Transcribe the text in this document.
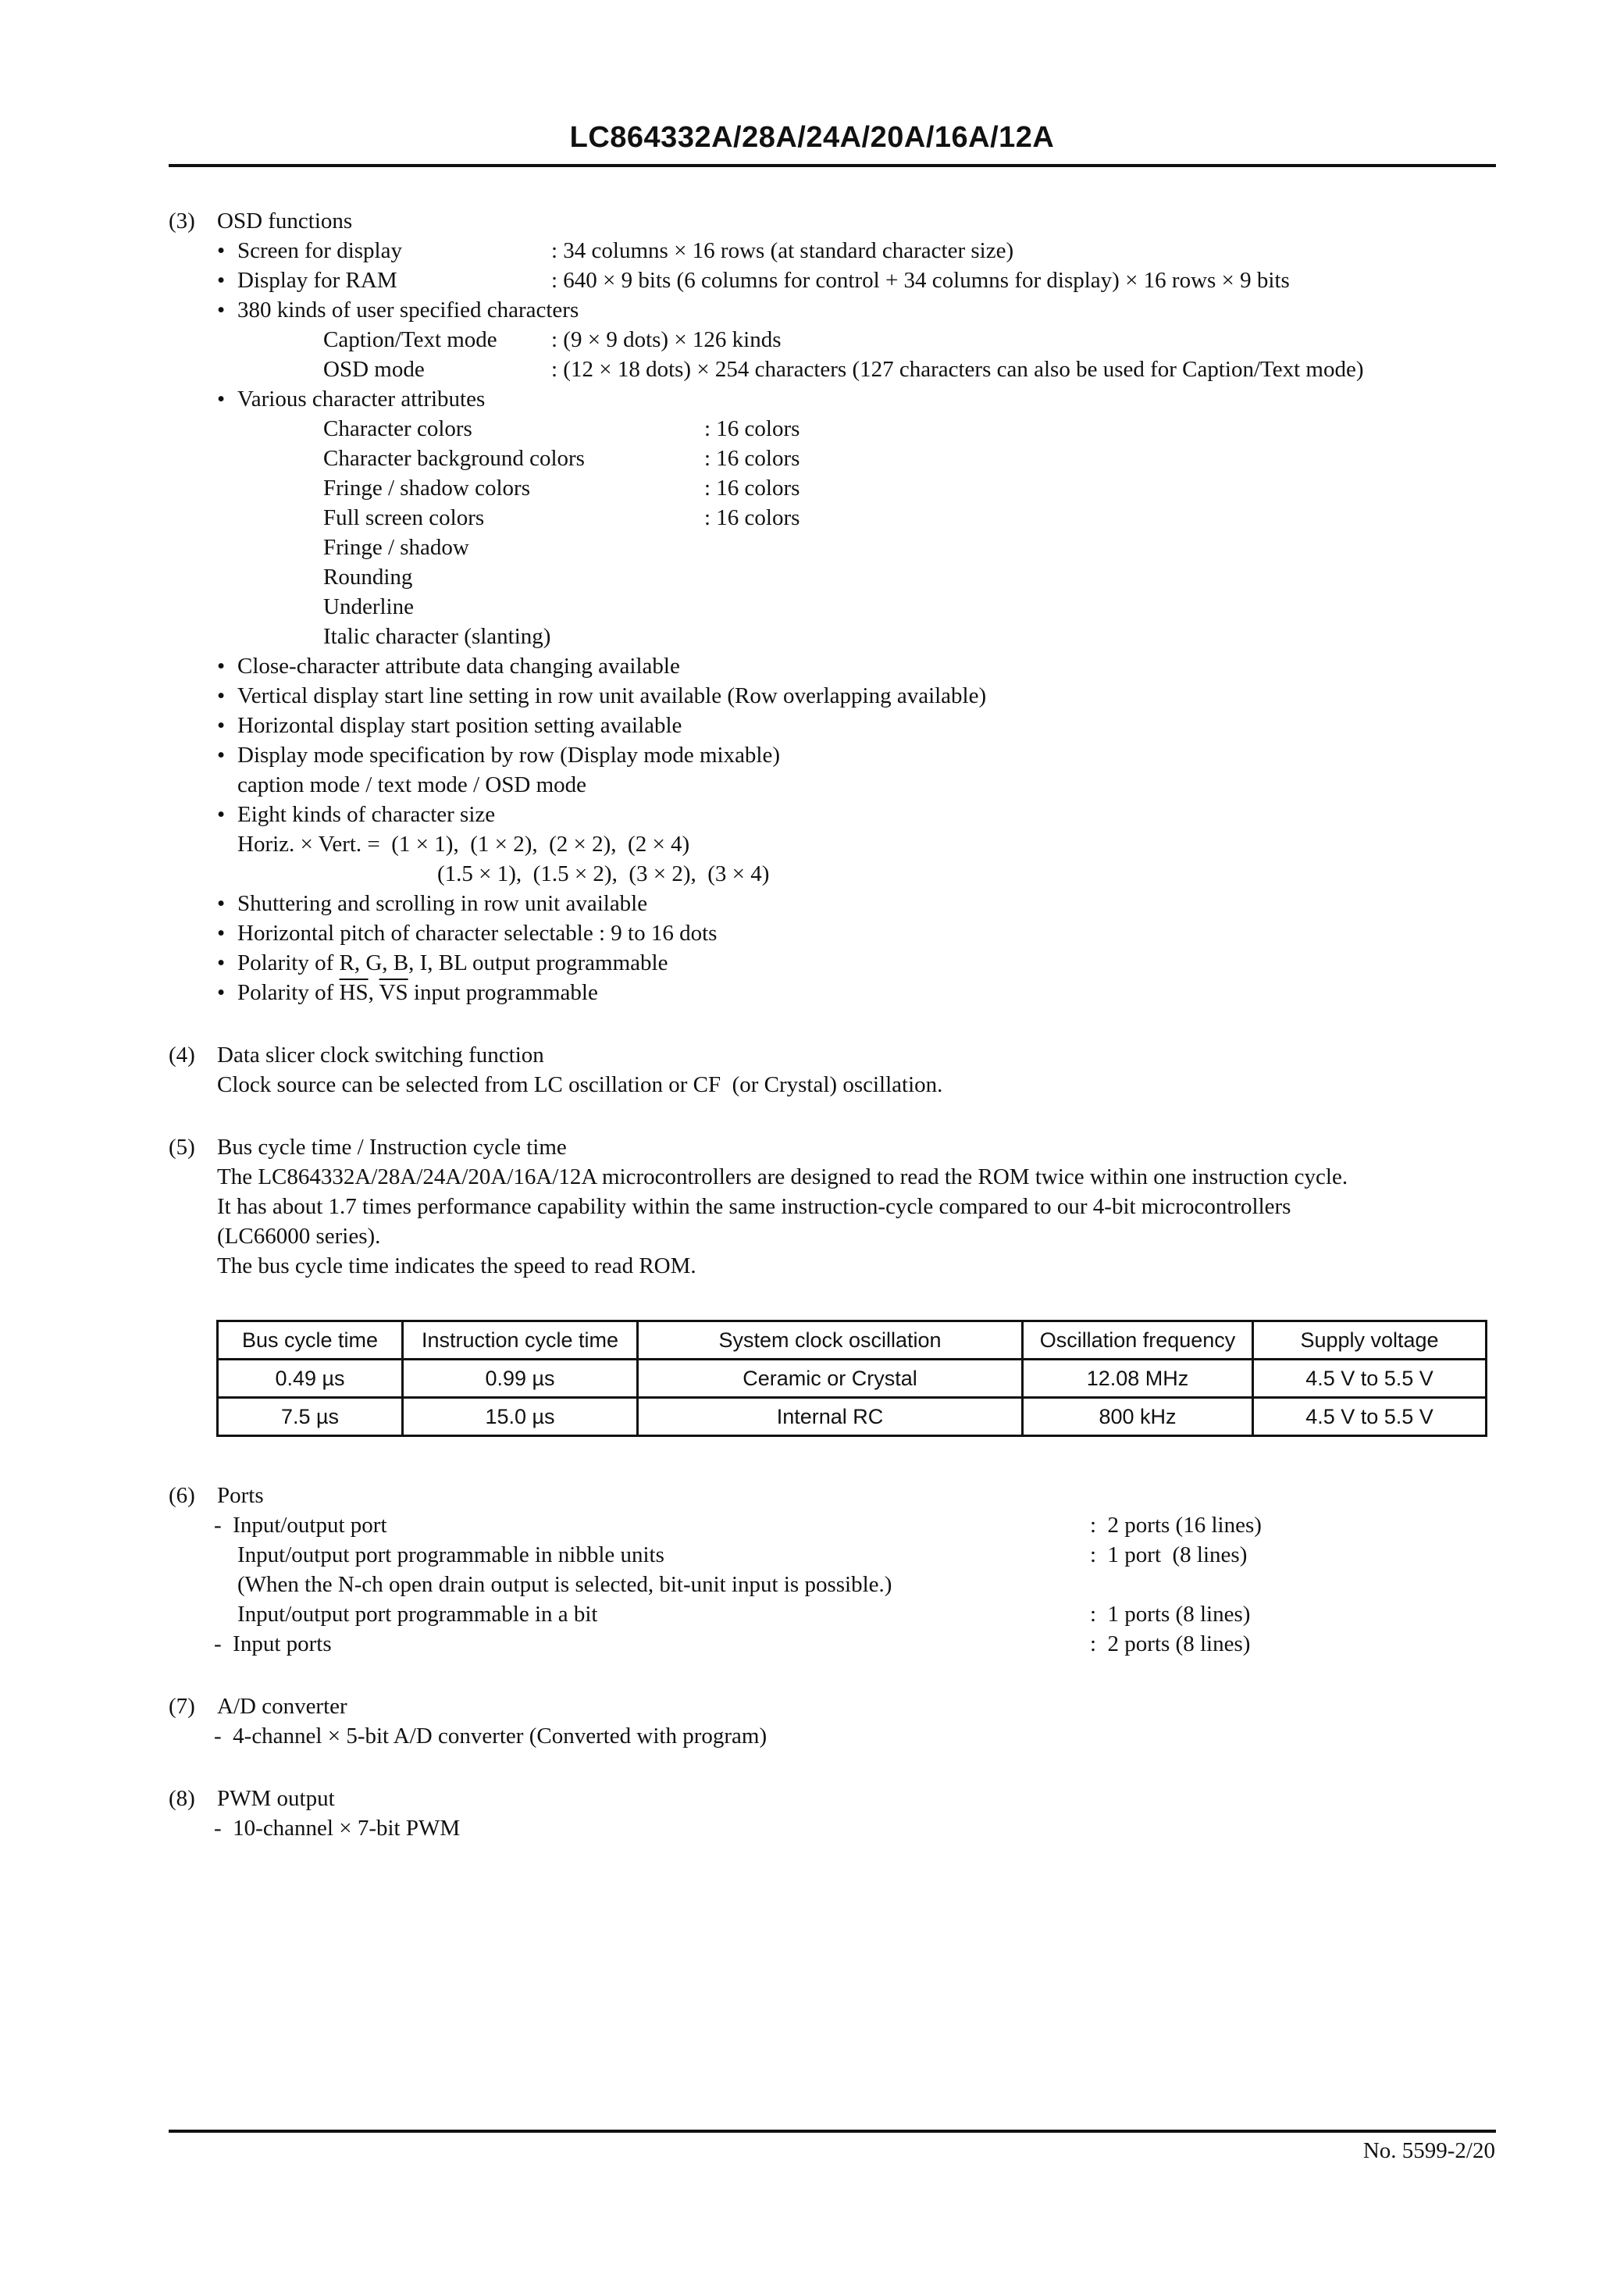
LC864332A/28A/24A/20A/16A/12A
(3) OSD functions
• Screen for display	: 34 columns × 16 rows (at standard character size)
• Display for RAM	: 640 × 9 bits (6 columns for control + 34 columns for display) × 16 rows × 9 bits
• 380 kinds of user specified characters
Caption/Text mode : (9 × 9 dots) × 126 kinds
OSD mode	: (12 × 18 dots) × 254 characters (127 characters can also be used for Caption/Text mode)
• Various character attributes
Character colors	: 16 colors
Character background colors	: 16 colors
Fringe / shadow colors	: 16 colors
Full screen colors	: 16 colors
Fringe / shadow
Rounding
Underline
Italic character (slanting)
• Close-character attribute data changing available
• Vertical display start line setting in row unit available (Row overlapping available)
• Horizontal display start position setting available
• Display mode specification by row (Display mode mixable)
caption mode / text mode / OSD mode
• Eight kinds of character size
Horiz. × Vert. =  (1 × 1),  (1 × 2),  (2 × 2),  (2 × 4)
(1.5 × 1),  (1.5 × 2),  (3 × 2),  (3 × 4)
• Shuttering and scrolling in row unit available
• Horizontal pitch of character selectable : 9 to 16 dots
• Polarity of R, G, B, I, BL output programmable
• Polarity of $\overline{HS}$, $\overline{VS}$ input programmable
(4) Data slicer clock switching function
Clock source can be selected from LC oscillation or CF  (or Crystal) oscillation.
(5) Bus cycle time / Instruction cycle time
The LC864332A/28A/24A/20A/16A/12A microcontrollers are designed to read the ROM twice within one instruction cycle.
It has about 1.7 times performance capability within the same instruction-cycle compared to our 4-bit microcontrollers
(LC66000 series).
The bus cycle time indicates the speed to read ROM.
Bus cycle time	Instruction cycle time	System clock oscillation	Oscillation frequency	Supply voltage
0.49 µs	0.99 µs	Ceramic or Crystal	12.08 MHz	4.5 V to 5.5 V
7.5 µs	15.0 µs	Internal RC	800 kHz	4.5 V to 5.5 V
(6) Ports
-  Input/output port	:  2 ports (16 lines)
Input/output port programmable in nibble units	:  1 port  (8 lines)
(When the N-ch open drain output is selected, bit-unit input is possible.)
Input/output port programmable in a bit	:  1 ports (8 lines)
-  Input ports	:  2 ports (8 lines)
(7) A/D converter
-  4-channel × 5-bit A/D converter (Converted with program)
(8) PWM output
-  10-channel × 7-bit PWM
No. 5599-2/20
